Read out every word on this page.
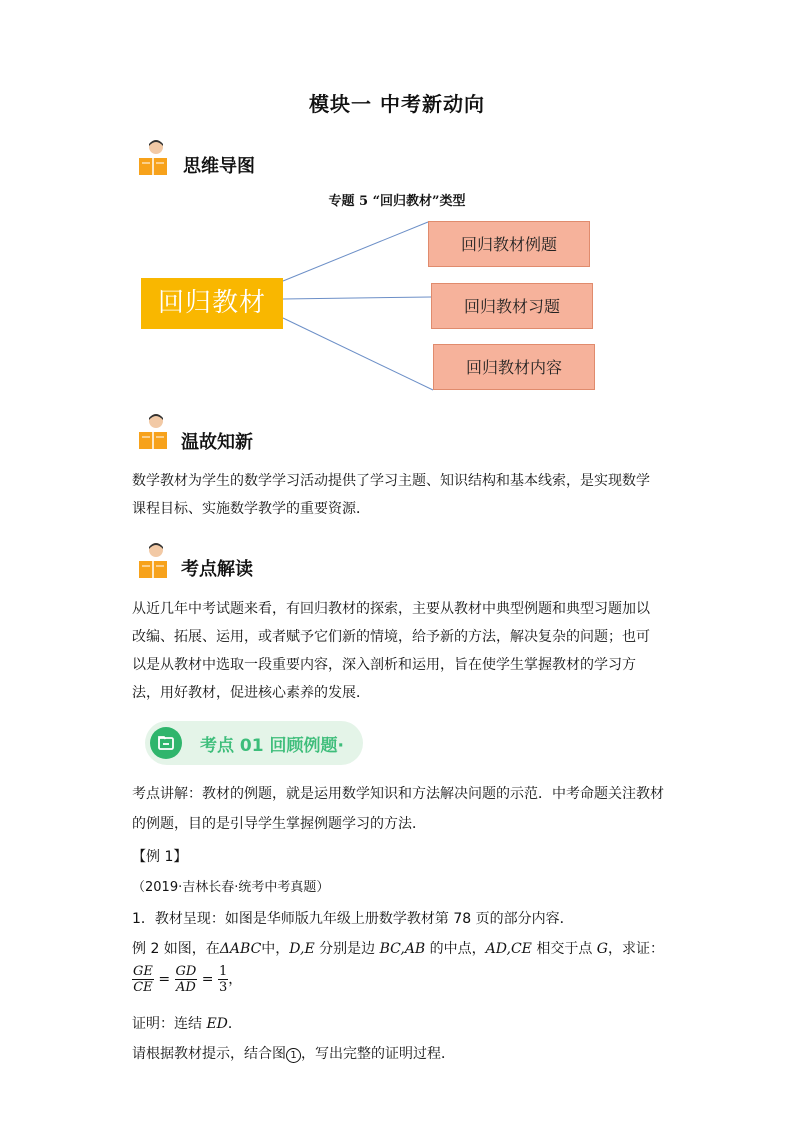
模块一 中考新动向
思维导图
专题 5 “回归教材”类型
回归教材
回归教材例题
回归教材习题
回归教材内容
温故知新
数学教材为学生的数学学习活动提供了学习主题、知识结构和基本线索，是实现数学课程目标、实施数学教学的重要资源．
考点解读
从近几年中考试题来看，有回归教材的探索，主要从教材中典型例题和典型习题加以改编、拓展、运用，或者赋予它们新的情境，给予新的方法，解决复杂的问题；也可以是从教材中选取一段重要内容，深入剖析和运用，旨在使学生掌握教材的学习方法，用好教材，促进核心素养的发展．
考点 01 回顾例题·
考点讲解：教材的例题，就是运用数学知识和方法解决问题的示范．中考命题关注教材
的例题，目的是引导学生掌握例题学习的方法．
【例 1】
（2019·吉林长春·统考中考真题）
1．教材呈现：如图是华师版九年级上册数学教材第 78 页的部分内容．
例 2 如图，在ΔABC中，D,E 分别是边 BC,AB 的中点，AD,CE 相交于点 G，求证：
$\frac{GE}{CE} = \frac{GD}{AD} = \frac{1}{3}$ ，
证明：连结 ED．
请根据教材提示，结合图 1 ，写出完整的证明过程．
